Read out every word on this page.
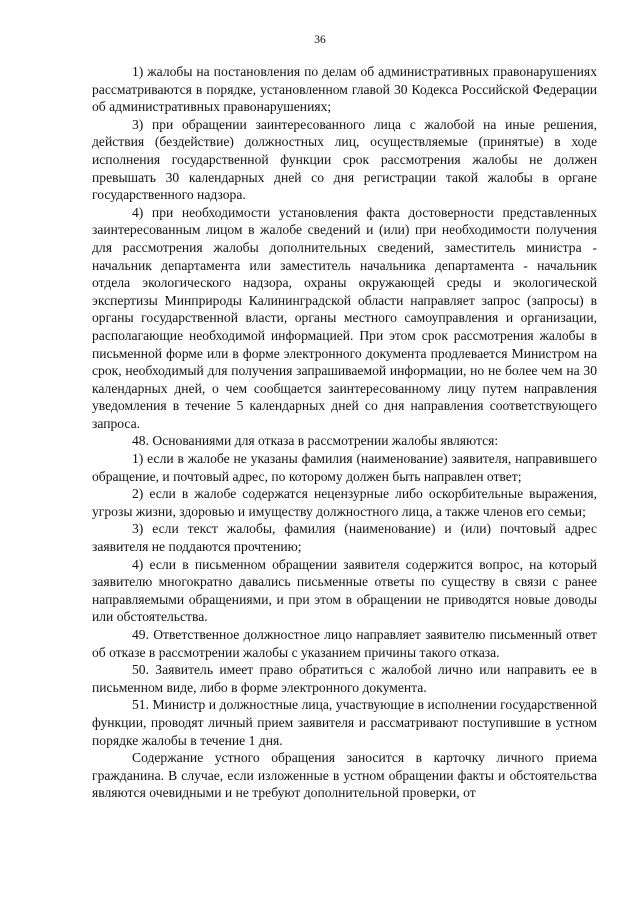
36

1) жалобы на постановления по делам об административных правонарушениях рассматриваются в порядке, установленном главой 30 Кодекса Российской Федерации об административных правонарушениях;

3) при обращении заинтересованного лица с жалобой на иные решения, действия (бездействие) должностных лиц, осуществляемые (принятые) в ходе исполнения государственной функции срок рассмотрения жалобы не должен превышать 30 календарных дней со дня регистрации такой жалобы в органе государственного надзора.

4) при необходимости установления факта достоверности представленных заинтересованным лицом в жалобе сведений и (или) при необходимости получения для рассмотрения жалобы дополнительных сведений, заместитель министра - начальник департамента или заместитель начальника департамента - начальник отдела экологического надзора, охраны окружающей среды и экологической экспертизы Минприроды Калининградской области направляет запрос (запросы) в органы государственной власти, органы местного самоуправления и организации, располагающие необходимой информацией. При этом срок рассмотрения жалобы в письменной форме или в форме электронного документа продлевается Министром на срок, необходимый для получения запрашиваемой информации, но не более чем на 30 календарных дней, о чем сообщается заинтересованному лицу путем направления уведомления в течение 5 календарных дней со дня направления соответствующего запроса.

48. Основаниями для отказа в рассмотрении жалобы являются:

1) если в жалобе не указаны фамилия (наименование) заявителя, направившего обращение, и почтовый адрес, по которому должен быть направлен ответ;

2) если в жалобе содержатся нецензурные либо оскорбительные выражения, угрозы жизни, здоровью и имуществу должностного лица, а также членов его семьи;

3) если текст жалобы, фамилия (наименование) и (или) почтовый адрес заявителя не поддаются прочтению;

4) если в письменном обращении заявителя содержится вопрос, на который заявителю многократно давались письменные ответы по существу в связи с ранее направляемыми обращениями, и при этом в обращении не приводятся новые доводы или обстоятельства.

49. Ответственное должностное лицо направляет заявителю письменный ответ об отказе в рассмотрении жалобы с указанием причины такого отказа.

50. Заявитель имеет право обратиться с жалобой лично или направить ее в письменном виде, либо в форме электронного документа.

51. Министр и должностные лица, участвующие в исполнении государственной функции, проводят личный прием заявителя и рассматривают поступившие в устном порядке жалобы в течение 1 дня.

Содержание устного обращения заносится в карточку личного приема гражданина. В случае, если изложенные в устном обращении факты и обстоятельства являются очевидными и не требуют дополнительной проверки, от
